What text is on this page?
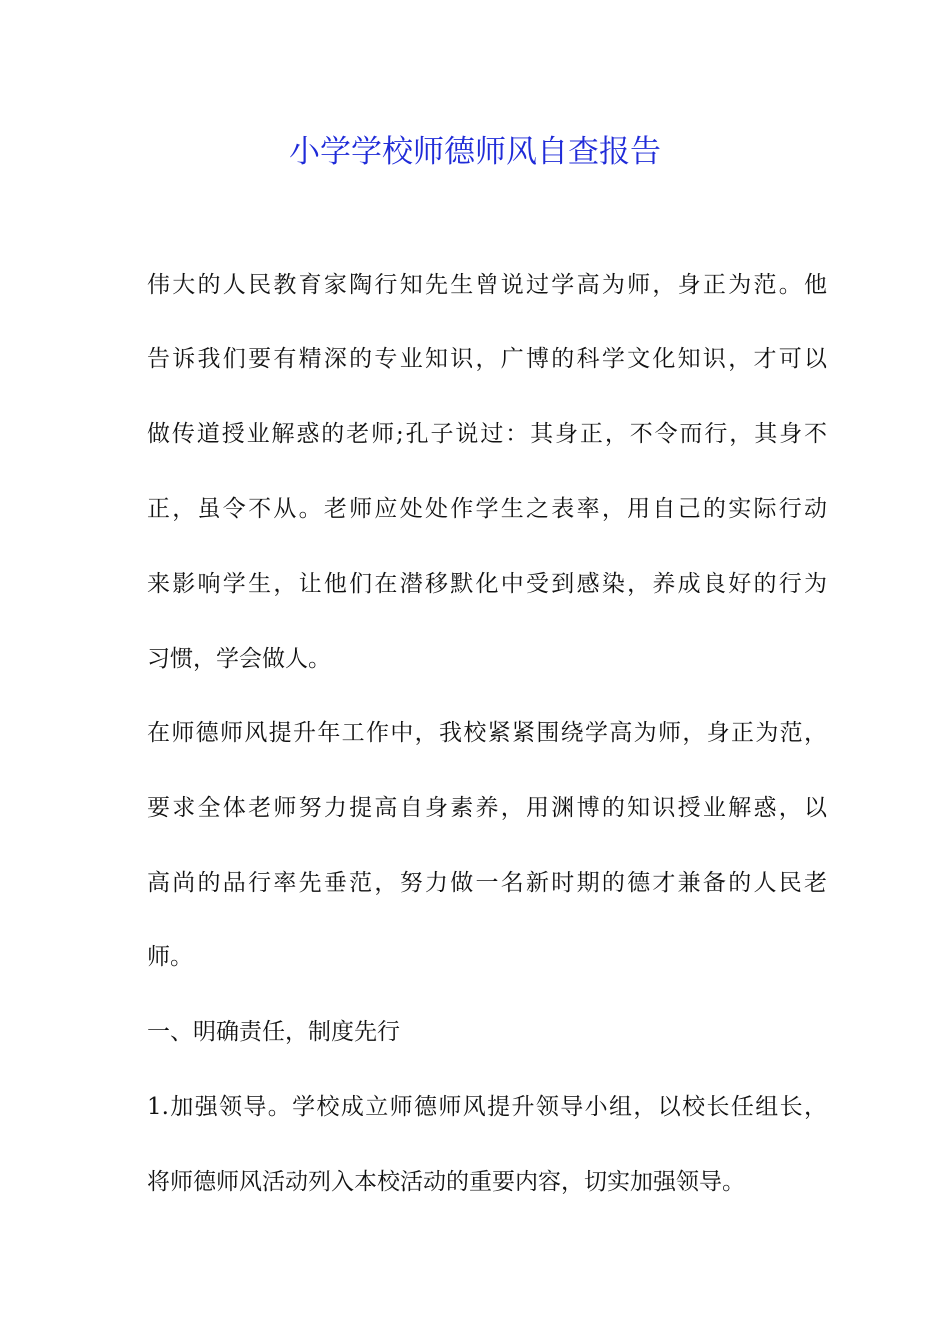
小学学校师德师风自查报告

伟大的人民教育家陶行知先生曾说过学高为师，身正为范。他

告诉我们要有精深的专业知识，广博的科学文化知识，才可以

做传道授业解惑的老师;孔子说过：其身正，不令而行，其身不

正，虽令不从。老师应处处作学生之表率，用自己的实际行动

来影响学生，让他们在潜移默化中受到感染，养成良好的行为

习惯，学会做人。

在师德师风提升年工作中，我校紧紧围绕学高为师，身正为范，

要求全体老师努力提高自身素养，用渊博的知识授业解惑，以

高尚的品行率先垂范，努力做一名新时期的德才兼备的人民老

师。

一、明确责任，制度先行

1.加强领导。学校成立师德师风提升领导小组，以校长任组长，

将师德师风活动列入本校活动的重要内容，切实加强领导。
